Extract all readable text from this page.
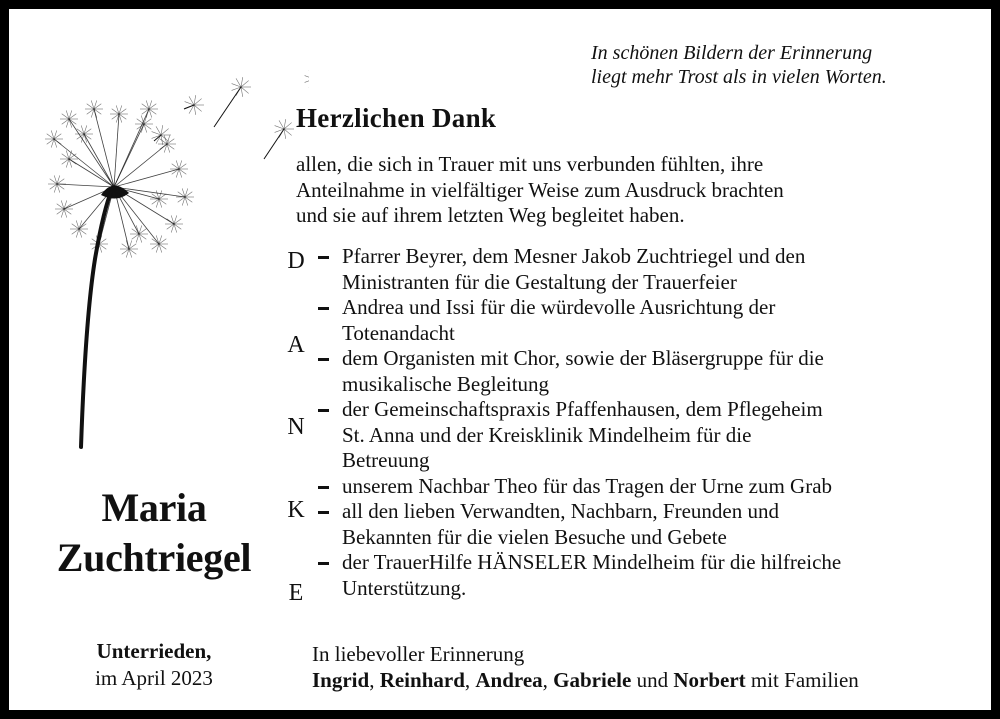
In schönen Bildern der Erinnerung
liegt mehr Trost als in vielen Worten.
Herzlichen Dank
allen, die sich in Trauer mit uns verbunden fühlten, ihre
Anteilnahme in vielfältiger Weise zum Ausdruck brachten
und sie auf ihrem letzten Weg begleitet haben.
D
A
N
K
E
Pfarrer Beyrer, dem Mesner Jakob Zuchtriegel und den
Ministranten für die Gestaltung der Trauerfeier
Andrea und Issi für die würdevolle Ausrichtung der
Totenandacht
dem Organisten mit Chor, sowie der Bläsergruppe für die
musikalische Begleitung
der Gemeinschaftspraxis Pfaffenhausen, dem Pflegeheim
St. Anna und der Kreisklinik Mindelheim für die
Betreuung
unserem Nachbar Theo für das Tragen der Urne zum Grab
all den lieben Verwandten, Nachbarn, Freunden und
Bekannten für die vielen Besuche und Gebete
der TrauerHilfe HÄNSELER Mindelheim für die hilfreiche
Unterstützung.
Maria
Zuchtriegel
Unterrieden,
im April 2023
In liebevoller Erinnerung
Ingrid, Reinhard, Andrea, Gabriele und Norbert mit Familien
